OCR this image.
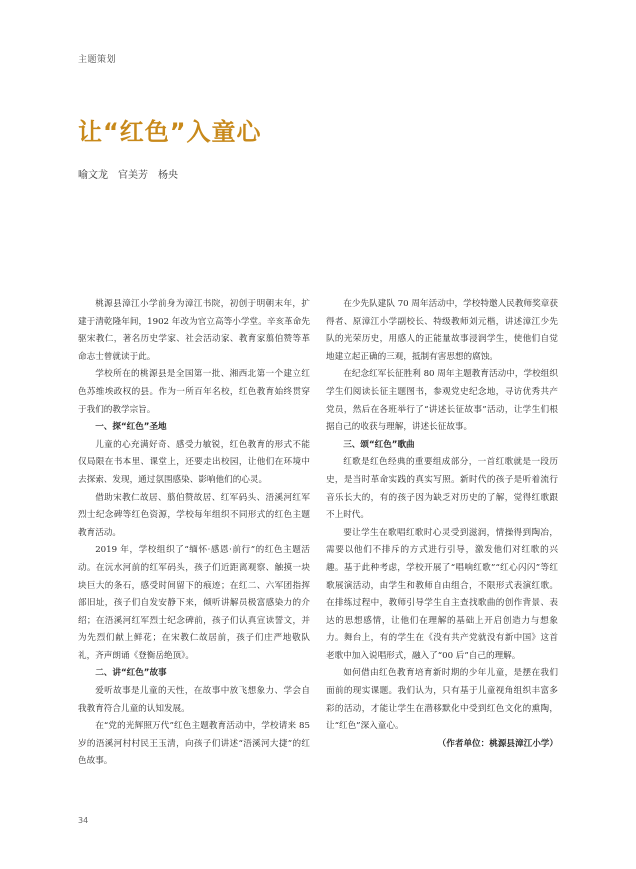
主题策划
让“红色”入童心
喻文龙　官美芳　杨央

桃源县漳江小学前身为漳江书院，初创于明朝末年，扩建于清乾隆年间，1902 年改为官立高等小学堂。辛亥革命先驱宋教仁，著名历史学家、社会活动家、教育家翦伯赞等革命志士曾就读于此。

学校所在的桃源县是全国第一批、湘西北第一个建立红色苏维埃政权的县。作为一所百年名校，红色教育始终贯穿于我们的教学宗旨。

一、探“红色”圣地

儿童的心充满好奇、感受力敏锐，红色教育的形式不能仅局限在书本里、课堂上，还要走出校园，让他们在环境中去探索、发现，通过氛围感染、影响他们的心灵。

借助宋教仁故居、翦伯赞故居、红军码头、浯溪河红军烈士纪念碑等红色资源，学校每年组织不同形式的红色主题教育活动。

2019 年，学校组织了“缅怀·感恩·前行”的红色主题活动。在沅水河前的红军码头，孩子们近距离观察、触摸一块块巨大的条石，感受时间留下的痕迹；在红二、六军团指挥部旧址，孩子们自发安静下来，倾听讲解员极富感染力的介绍；在浯溪河红军烈士纪念碑前，孩子们认真宣读誓文，并为先烈们献上鲜花；在宋教仁故居前，孩子们庄严地敬队礼，齐声朗诵《登衡岳绝顶》。

二、讲“红色”故事

爱听故事是儿童的天性，在故事中放飞想象力、学会自我教育符合儿童的认知发展。

在“党的光辉照万代”红色主题教育活动中，学校请来 85 岁的浯溪河村村民王玉清，向孩子们讲述“浯溪河大捷”的红色故事。

在少先队建队 70 周年活动中，学校特邀人民教师奖章获得者、原漳江小学副校长、特级教师刘元楷，讲述漳江少先队的光荣历史，用感人的正能量故事浸润学生，使他们自觉地建立起正确的三观，抵制有害思想的腐蚀。

在纪念红军长征胜利 80 周年主题教育活动中，学校组织学生们阅读长征主题图书，参观党史纪念地，寻访优秀共产党员，然后在各班举行了“讲述长征故事”活动，让学生们根据自己的收获与理解，讲述长征故事。

三、颂“红色”歌曲

红歌是红色经典的重要组成部分，一首红歌就是一段历史，是当时革命实践的真实写照。新时代的孩子是听着流行音乐长大的，有的孩子因为缺乏对历史的了解，觉得红歌跟不上时代。

要让学生在歌唱红歌时心灵受到滋润，情操得到陶冶，需要以他们不排斥的方式进行引导，激发他们对红歌的兴趣。基于此种考虑，学校开展了“唱响红歌”“红心闪闪”等红歌展演活动，由学生和教师自由组合，不限形式表演红歌。在排练过程中，教师引导学生自主查找歌曲的创作背景、表达的思想感情，让他们在理解的基础上开启创造力与想象力。舞台上，有的学生在《没有共产党就没有新中国》这首老歌中加入说唱形式，融入了“00 后”自己的理解。

如何借由红色教育培育新时期的少年儿童，是摆在我们面前的现实课题。我们认为，只有基于儿童视角组织丰富多彩的活动，才能让学生在潜移默化中受到红色文化的熏陶，让“红色”深入童心。

（作者单位：桃源县漳江小学）

34
